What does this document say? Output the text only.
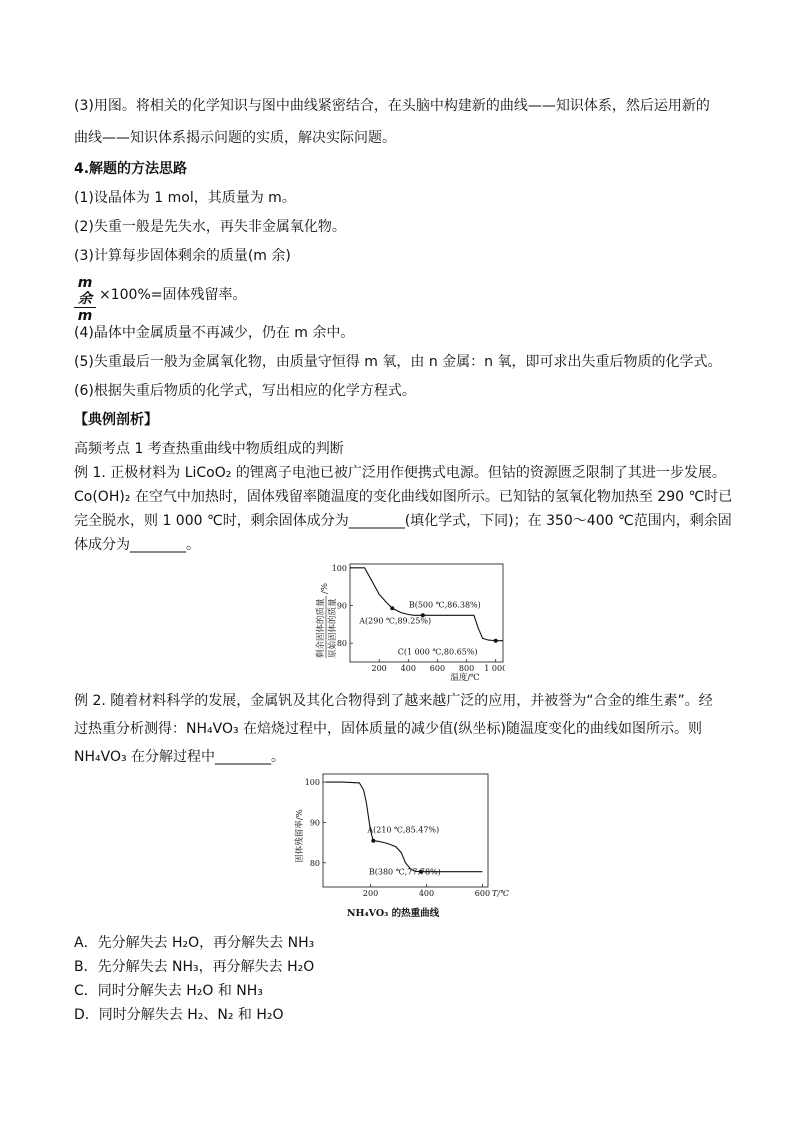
(3)用图。将相关的化学知识与图中曲线紧密结合，在头脑中构建新的曲线——知识体系，然后运用新的
曲线——知识体系揭示问题的实质，解决实际问题。
4.解题的方法思路
(1)设晶体为 1 mol，其质量为 m。
(2)失重一般是先失水，再失非金属氧化物。
(3)计算每步固体剩余的质量(m 余)
m余
m
×100%=固体残留率。
(4)晶体中金属质量不再减少，仍在 m 余中。
(5)失重最后一般为金属氧化物，由质量守恒得 m 氧，由 n 金属：n 氧，即可求出失重后物质的化学式。
(6)根据失重后物质的化学式，写出相应的化学方程式。
【典例剖析】
高频考点 1 考查热重曲线中物质组成的判断
例 1. 正极材料为 LiCoO₂ 的锂离子电池已被广泛用作便携式电源。但钴的资源匮乏限制了其进一步发展。
Co(OH)₂ 在空气中加热时，固体残留率随温度的变化曲线如图所示。已知钴的氢氧化物加热至 290 ℃时已
完全脱水，则 1 000 ℃时，剩余固体成分为________(填化学式，下同)；在 350～400 ℃范围内，剩余固
体成分为________。
200 400 600 800 1 000
100
90
80
B(500 ℃,86.38%)
A(290 ℃,89.25%)
C(1 000 ℃,80.65%)
剩余固体的质量 原始固体的质量
/%
温度/℃
例 2. 随着材料科学的发展，金属钒及其化合物得到了越来越广泛的应用，并被誉为“合金的维生素”。经
过热重分析测得：NH₄VO₃ 在焙烧过程中，固体质量的减少值(纵坐标)随温度变化的曲线如图所示。则
NH₄VO₃ 在分解过程中________。
200	400	600
100
90
80
A(210 ℃,85.47%)
B(380 ℃,77.78%)
固体残留率/%
T/℃
NH₄VO₃ 的热重曲线
A．先分解失去 H₂O，再分解失去 NH₃
B．先分解失去 NH₃，再分解失去 H₂O
C．同时分解失去 H₂O 和 NH₃
D．同时分解失去 H₂、N₂ 和 H₂O
